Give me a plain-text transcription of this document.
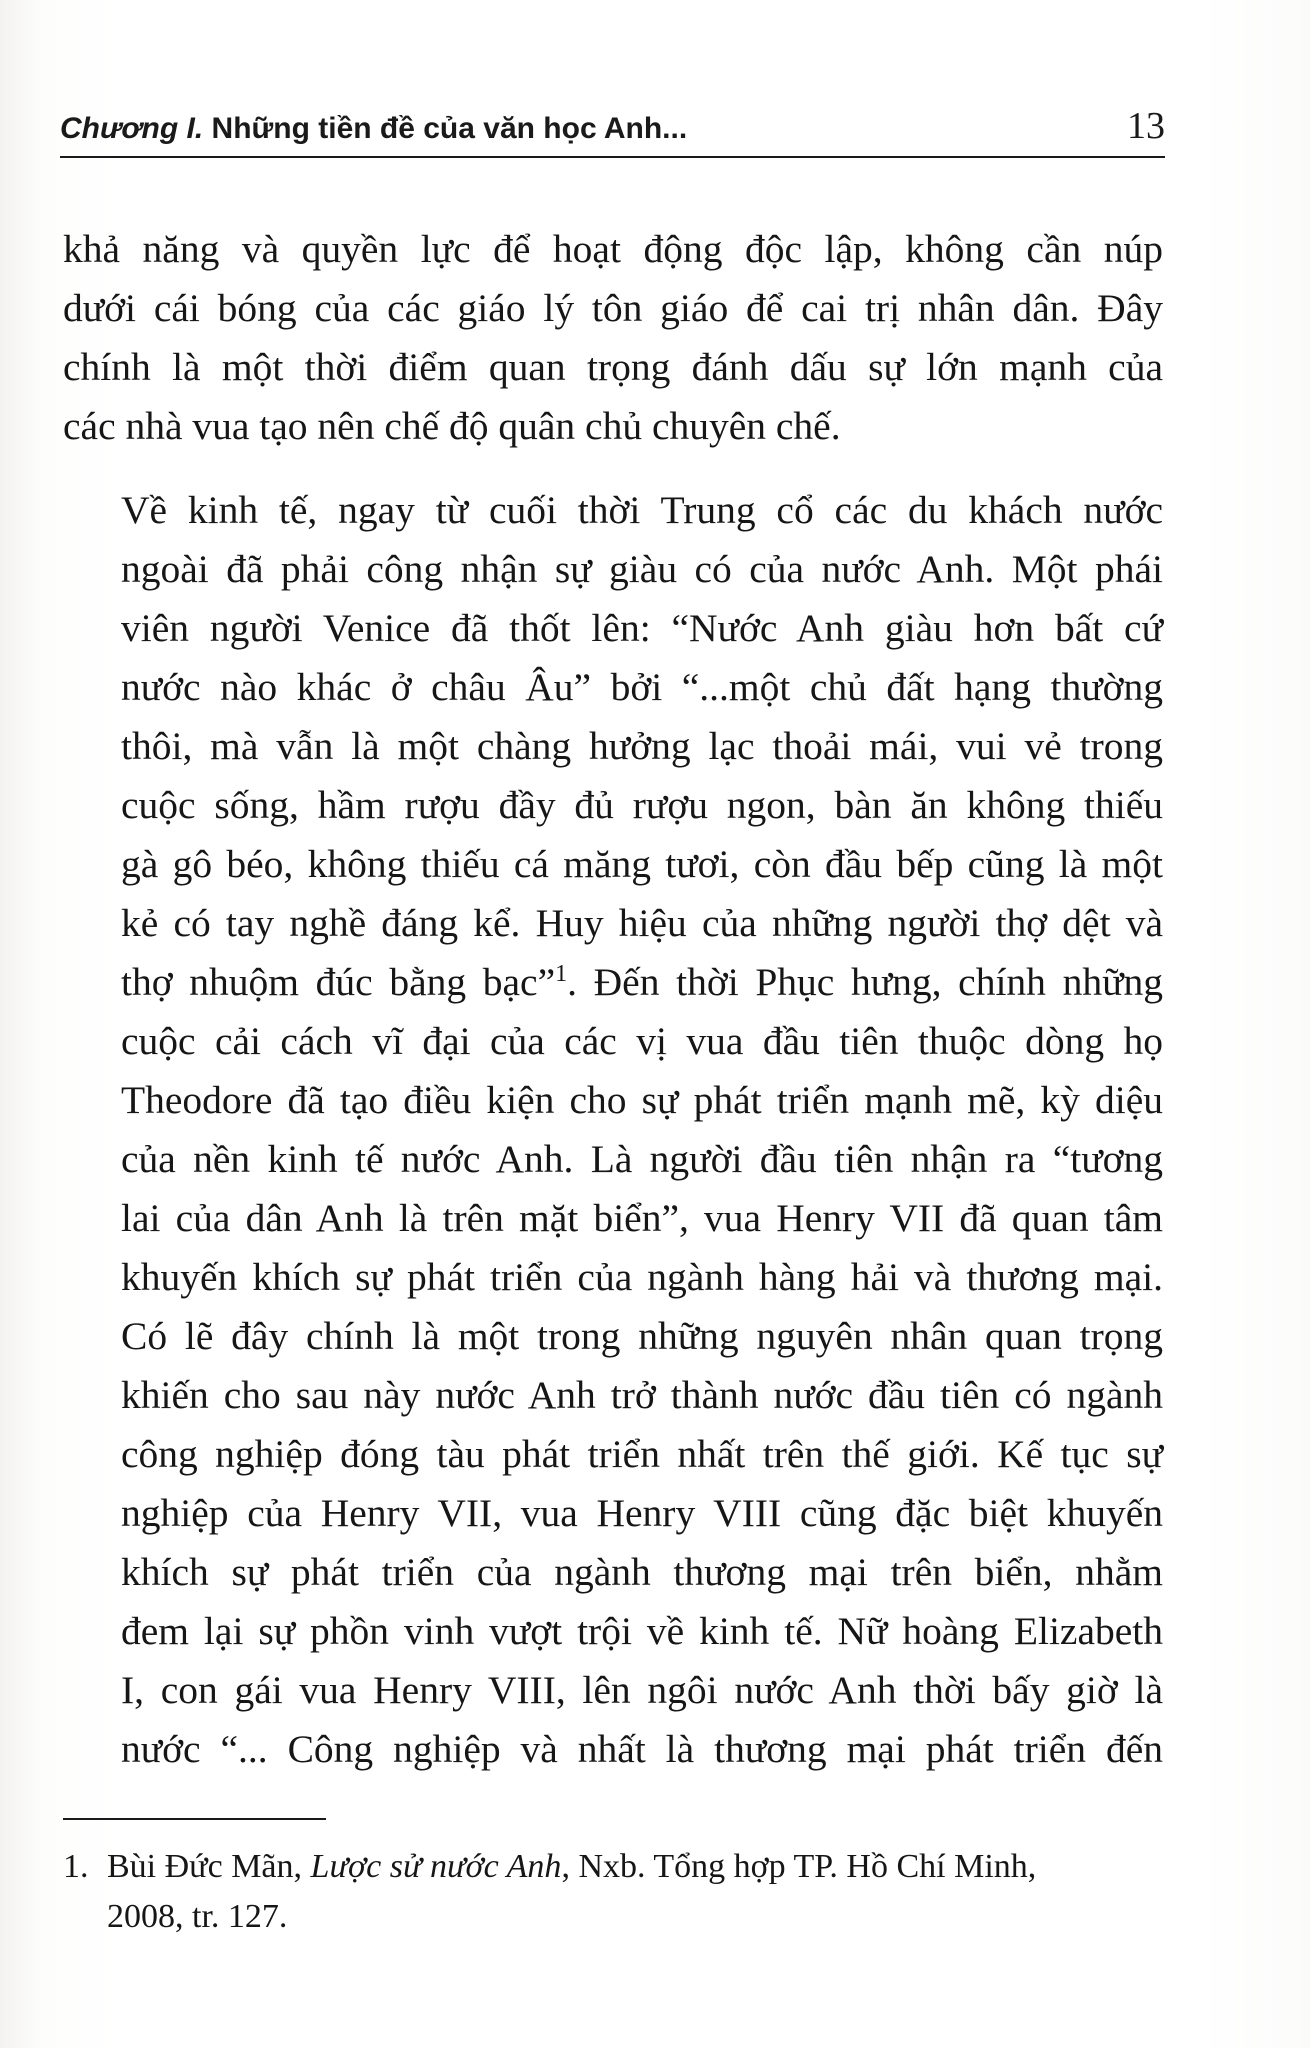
Chương I. Những tiền đề của văn học Anh...	13

khả năng và quyền lực để hoạt động độc lập, không cần núp
dưới cái bóng của các giáo lý tôn giáo để cai trị nhân dân. Đây
chính là một thời điểm quan trọng đánh dấu sự lớn mạnh của
các nhà vua tạo nên chế độ quân chủ chuyên chế.

Về kinh tế, ngay từ cuối thời Trung cổ các du khách nước
ngoài đã phải công nhận sự giàu có của nước Anh. Một phái
viên người Venice đã thốt lên: “Nước Anh giàu hơn bất cứ
nước nào khác ở châu Âu” bởi “...một chủ đất hạng thường
thôi, mà vẫn là một chàng hưởng lạc thoải mái, vui vẻ trong
cuộc sống, hầm rượu đầy đủ rượu ngon, bàn ăn không thiếu
gà gô béo, không thiếu cá măng tươi, còn đầu bếp cũng là một
kẻ có tay nghề đáng kể. Huy hiệu của những người thợ dệt và
thợ nhuộm đúc bằng bạc”$^1$. Đến thời Phục hưng, chính những
cuộc cải cách vĩ đại của các vị vua đầu tiên thuộc dòng họ
Theodore đã tạo điều kiện cho sự phát triển mạnh mẽ, kỳ diệu
của nền kinh tế nước Anh. Là người đầu tiên nhận ra “tương
lai của dân Anh là trên mặt biển”, vua Henry VII đã quan tâm
khuyến khích sự phát triển của ngành hàng hải và thương mại.
Có lẽ đây chính là một trong những nguyên nhân quan trọng
khiến cho sau này nước Anh trở thành nước đầu tiên có ngành
công nghiệp đóng tàu phát triển nhất trên thế giới. Kế tục sự
nghiệp của Henry VII, vua Henry VIII cũng đặc biệt khuyến
khích sự phát triển của ngành thương mại trên biển, nhằm
đem lại sự phồn vinh vượt trội về kinh tế. Nữ hoàng Elizabeth
I, con gái vua Henry VIII, lên ngôi nước Anh thời bấy giờ là
nước “... Công nghiệp và nhất là thương mại phát triển đến

1. Bùi Đức Mãn, Lược sử nước Anh, Nxb. Tổng hợp TP. Hồ Chí Minh,
2008, tr. 127.
